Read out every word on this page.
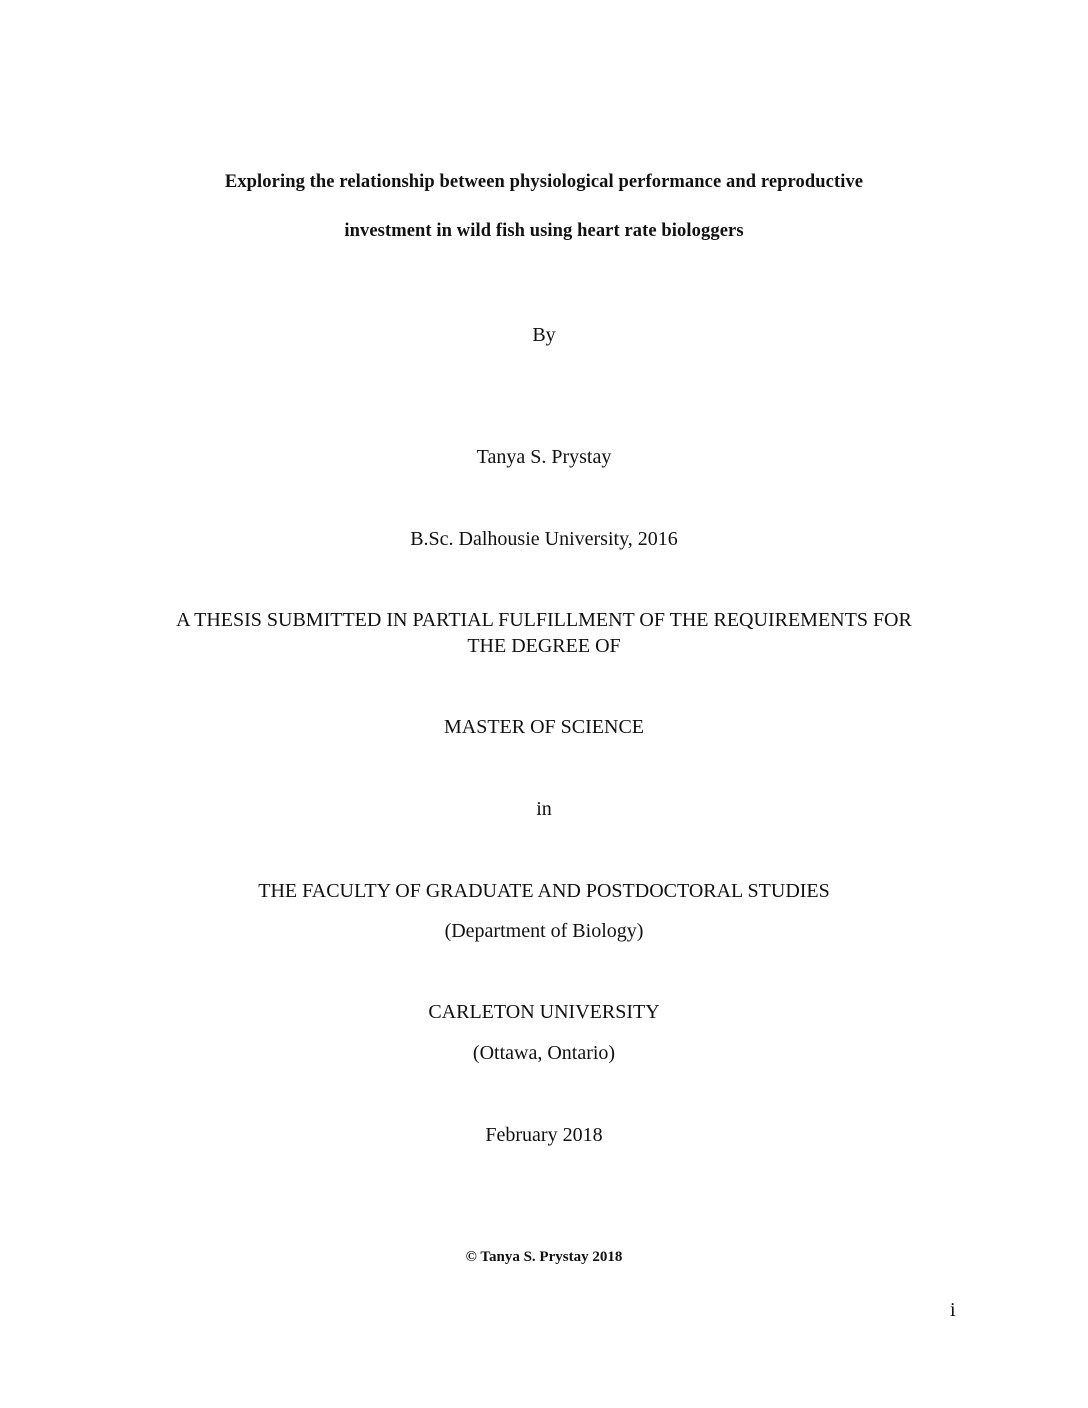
Exploring the relationship between physiological performance and reproductive
investment in wild fish using heart rate biologgers
By
Tanya S. Prystay
B.Sc. Dalhousie University, 2016
A THESIS SUBMITTED IN PARTIAL FULFILLMENT OF THE REQUIREMENTS FOR
THE DEGREE OF
MASTER OF SCIENCE
in
THE FACULTY OF GRADUATE AND POSTDOCTORAL STUDIES
(Department of Biology)
CARLETON UNIVERSITY
(Ottawa, Ontario)
February 2018
© Tanya S. Prystay 2018
i
